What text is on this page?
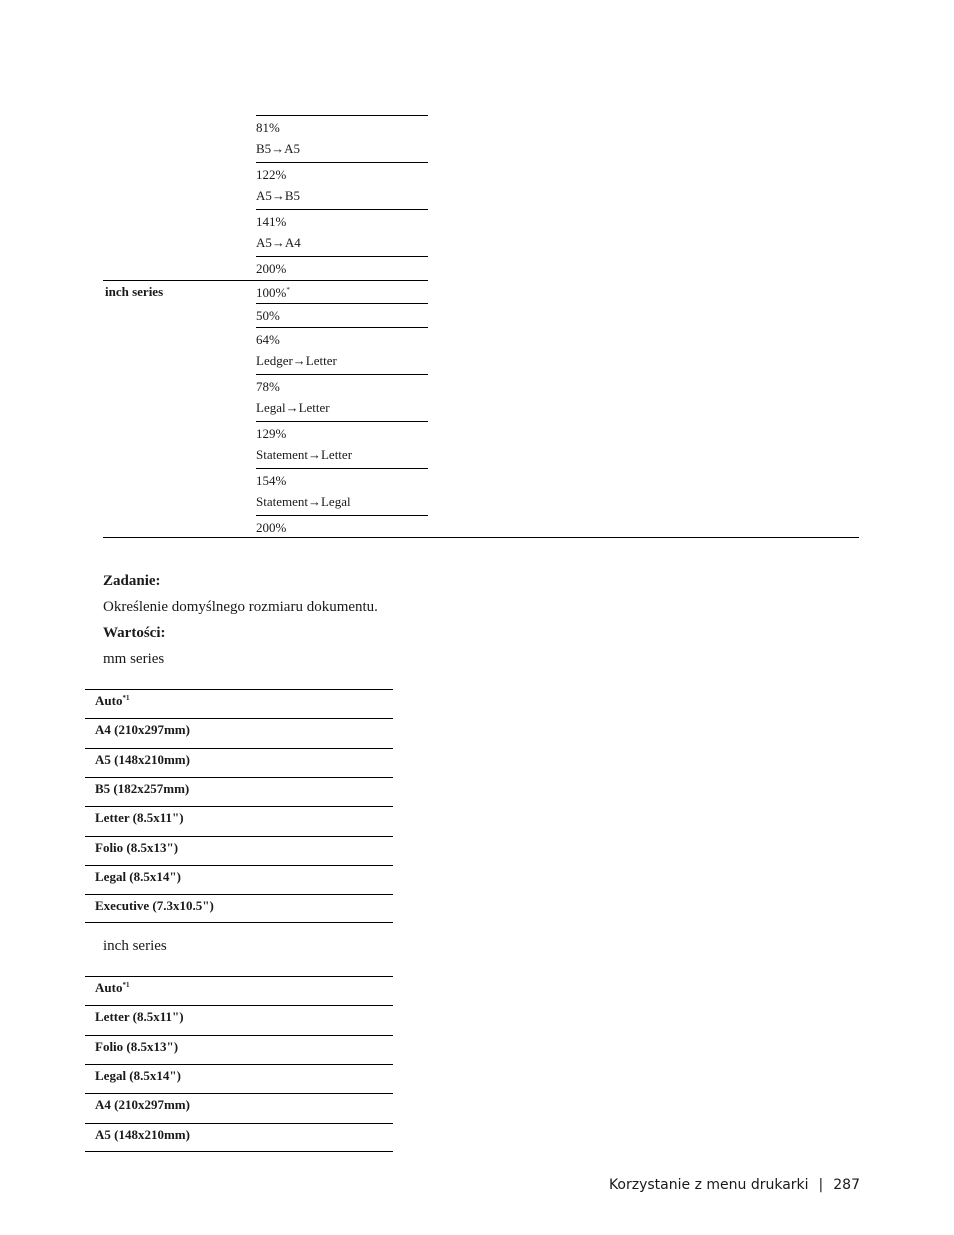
81%
B5→A5
122%
A5→B5
141%
A5→A4
200%
inch series	100%*
50%
64%
Ledger→Letter
78%
Legal→Letter
129%
Statement→Letter
154%
Statement→Legal
200%
Zadanie:
Określenie domyślnego rozmiaru dokumentu.
Wartości:
mm series
Auto$^{*1}$
A4 (210x297mm)
A5 (148x210mm)
B5 (182x257mm)
Letter (8.5x11")
Folio (8.5x13")
Legal (8.5x14")
Executive (7.3x10.5")
inch series
Auto$^{*1}$
Letter (8.5x11")
Folio (8.5x13")
Legal (8.5x14")
A4 (210x297mm)
A5 (148x210mm)
Korzystanie z menu drukarki | 287
